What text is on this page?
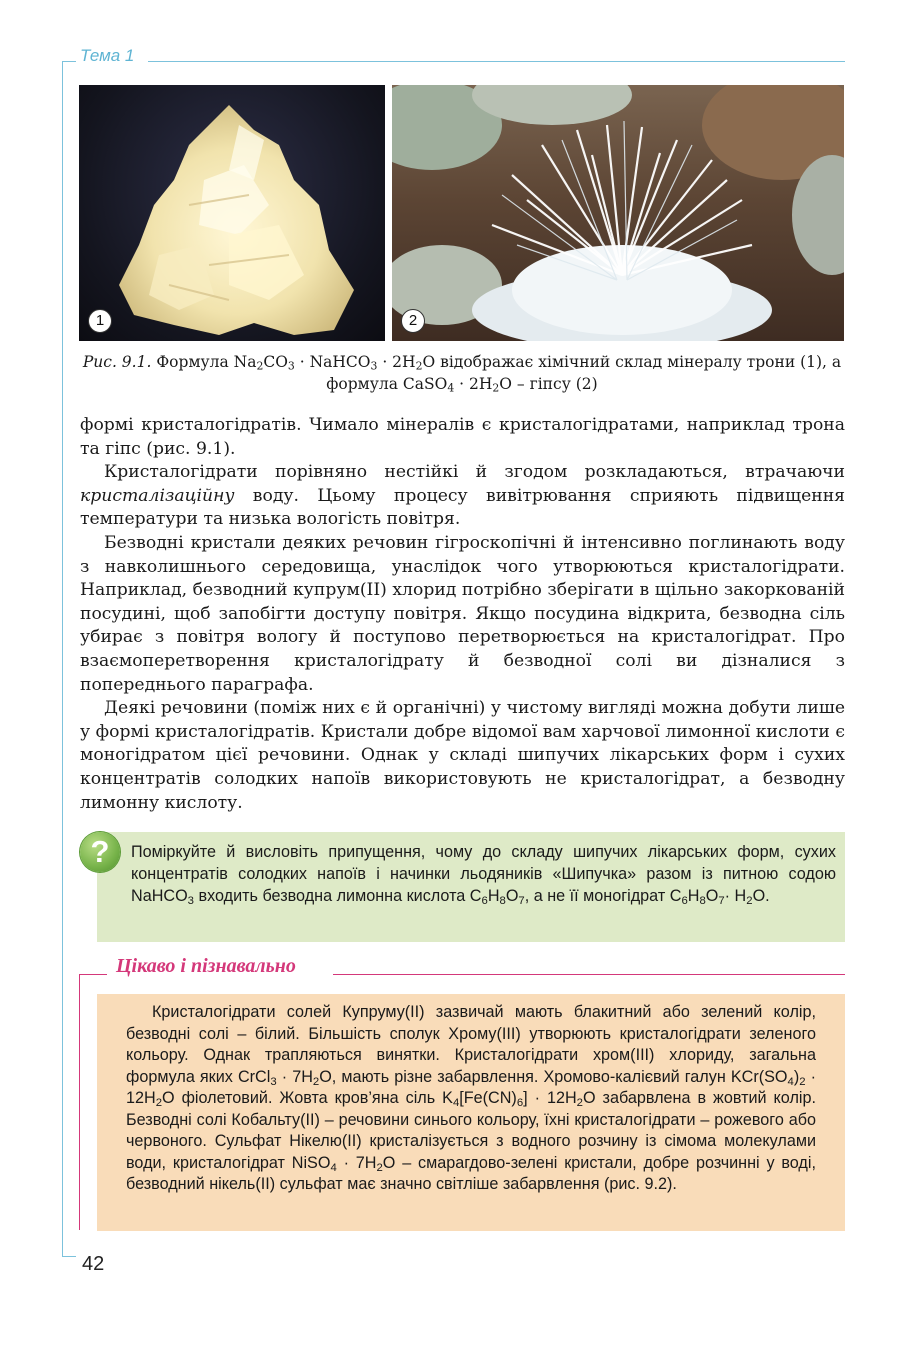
Тема 1
1	2
Рис. 9.1. Формула $Na_2CO_3$ · NaHCO$_3$ · $2H_2O$ відображає хімічний склад мінералу трони (1), а формула CaSO$_4$ · $2H_2O$ – гіпсу (2)

формі кристалогідратів. Чимало мінералів є кристалогідратами, наприклад трона та гіпс (рис. 9.1).

Кристалогідрати порівняно нестійкі й згодом розкладаються, втрачаючи кристалізаційну воду. Цьому процесу вивітрювання сприяють підвищення температури та низька вологість повітря.

Безводні кристали деяких речовин гігроскопічні й інтенсивно поглинають воду з навколишнього середовища, унаслідок чого утворюються кристалогідрати. Наприклад, безводний купрум(ІІ) хлорид потрібно зберігати в щільно закоркованій посудині, щоб запобігти доступу повітря. Якщо посудина відкрита, безводна сіль убирає з повітря вологу й поступово перетворюється на кристалогідрат. Про взаємоперетворення кристалогідрату й безводної солі ви дізналися з попереднього параграфа.

Деякі речовини (поміж них є й органічні) у чистому вигляді можна добути лише у формі кристалогідратів. Кристали добре відомої вам харчової лимонної кислоти є моногідратом цієї речовини. Однак у складі шипучих лікарських форм і сухих концентратів солодких напоїв використовують не кристалогідрат, а безводну лимонну кислоту.

?	Поміркуйте й висловіть припущення, чому до складу шипучих лікарських форм, сухих концентратів солодких напоїв і начинки льодяників «Шипучка» разом із питною содою NaHCO$_3$ входить безводна лимонна кислота $C_6H_8O_7$, а не її моногідрат $C_6H_8O_7\cdot H_2O$.
Цікаво і пізнавально

Кристалогідрати солей Купруму(ІІ) зазвичай мають блакитний або зелений колір, безводні солі – білий. Більшість сполук Хрому(ІІІ) утворюють кристалогідрати зеленого кольору. Однак трапляються винятки. Кристалогідрати хром(ІІІ) хлориду, загальна формула яких CrCl$_3$ · $7H_2O$, мають різне забарвлення. Хромово-калієвий галун $KCr(SO_4)_2 \cdot 12H_2O$ фіолетовий. Жовта кров’яна сіль $K_4[Fe(CN)_6] \cdot 12H_2O$ забарвлена в жовтий колір. Безводні солі Кобальту(ІІ) – речовини синього кольору, їхні кристалогідрати – рожевого або червоного. Сульфат Нікелю(ІІ) кристалізується з водного розчину із сімома молекулами води, кристалогідрат NiSO$_4$ · $7H_2O$ – смарагдово-зелені кристали, добре розчинні у воді, безводний нікель(ІІ) сульфат має значно світліше забарвлення (рис. 9.2).

42
